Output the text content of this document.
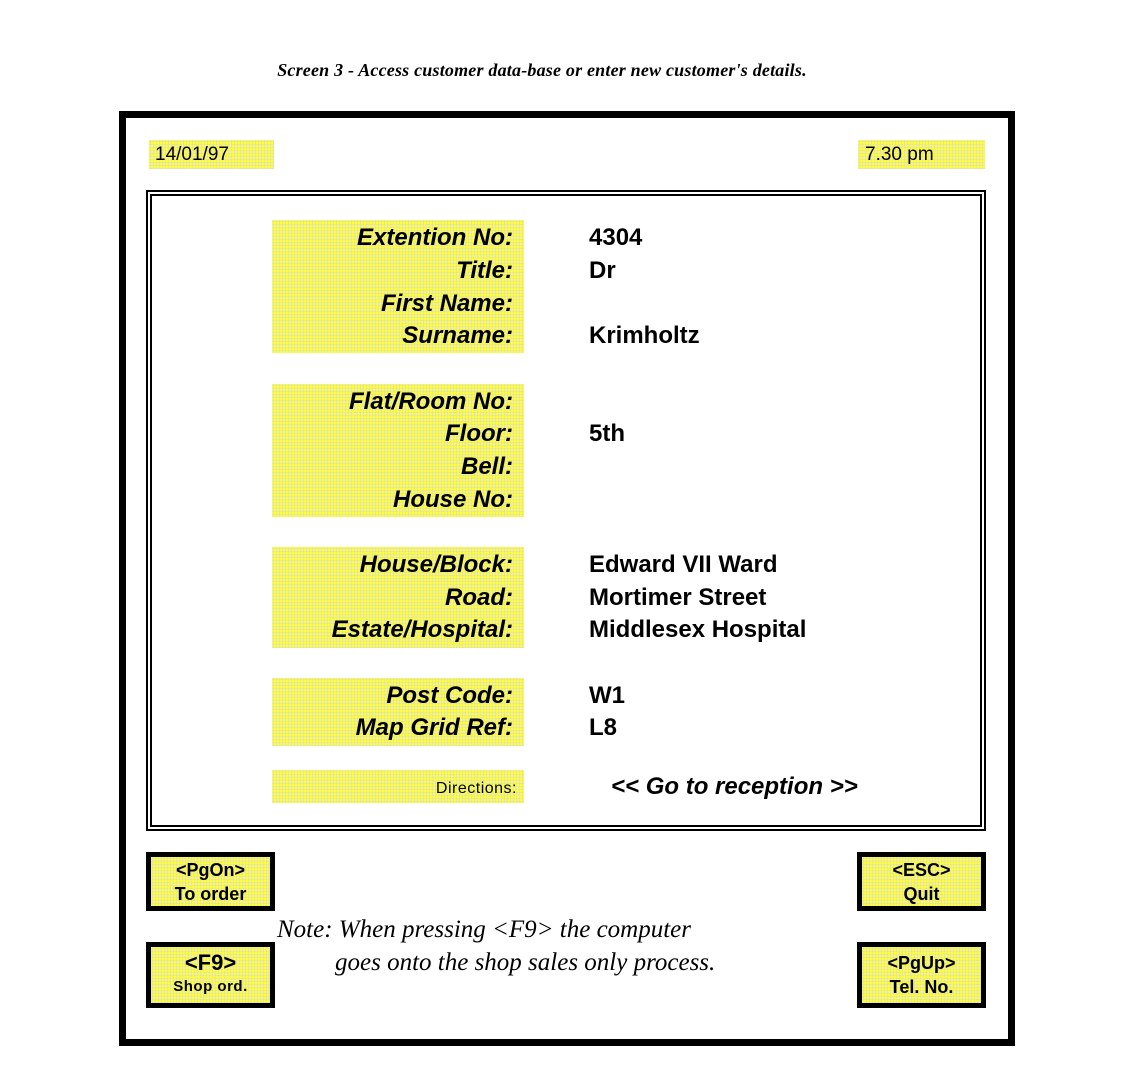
Screen 3 - Access customer data-base or enter new customer's details.
14/01/97	7.30 pm
Extention No:
Title:
First Name:
Surname:
Flat/Room No:
Floor:
Bell:
House No:
House/Block:
Road:
Estate/Hospital:
Post Code:
Map Grid Ref:
Directions:
4304
Dr
Krimholtz
5th
Edward VII Ward
Mortimer Street
Middlesex Hospital
W1
L8
<< Go to reception >>
<PgOn>
To order
<ESC>
Quit
<F9>
Shop ord.
<PgUp>
Tel. No.
Note: When pressing <F9> the computer
goes onto the shop sales only process.
